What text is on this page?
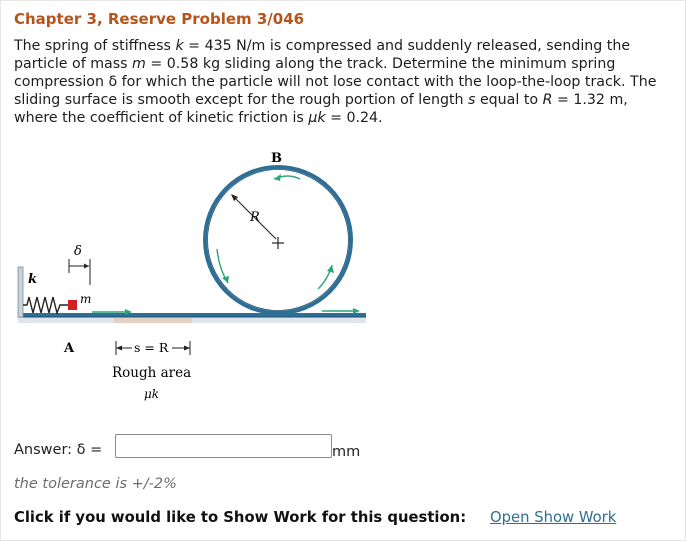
Chapter 3, Reserve Problem 3/046
The spring of stiffness k = 435 N/m is compressed and suddenly released, sending the particle of mass m = 0.58 kg sliding along the track. Determine the minimum spring compression δ for which the particle will not lose contact with the loop-the-loop track. The sliding surface is smooth except for the rough portion of length s equal to R = 1.32 m, where the coefficient of kinetic friction is μk = 0.24.
B
R
k
δ
m
A	s = R
Rough area
μk
Answer: δ =	mm
the tolerance is +/-2%
Click if you would like to Show Work for this question: Open Show Work
